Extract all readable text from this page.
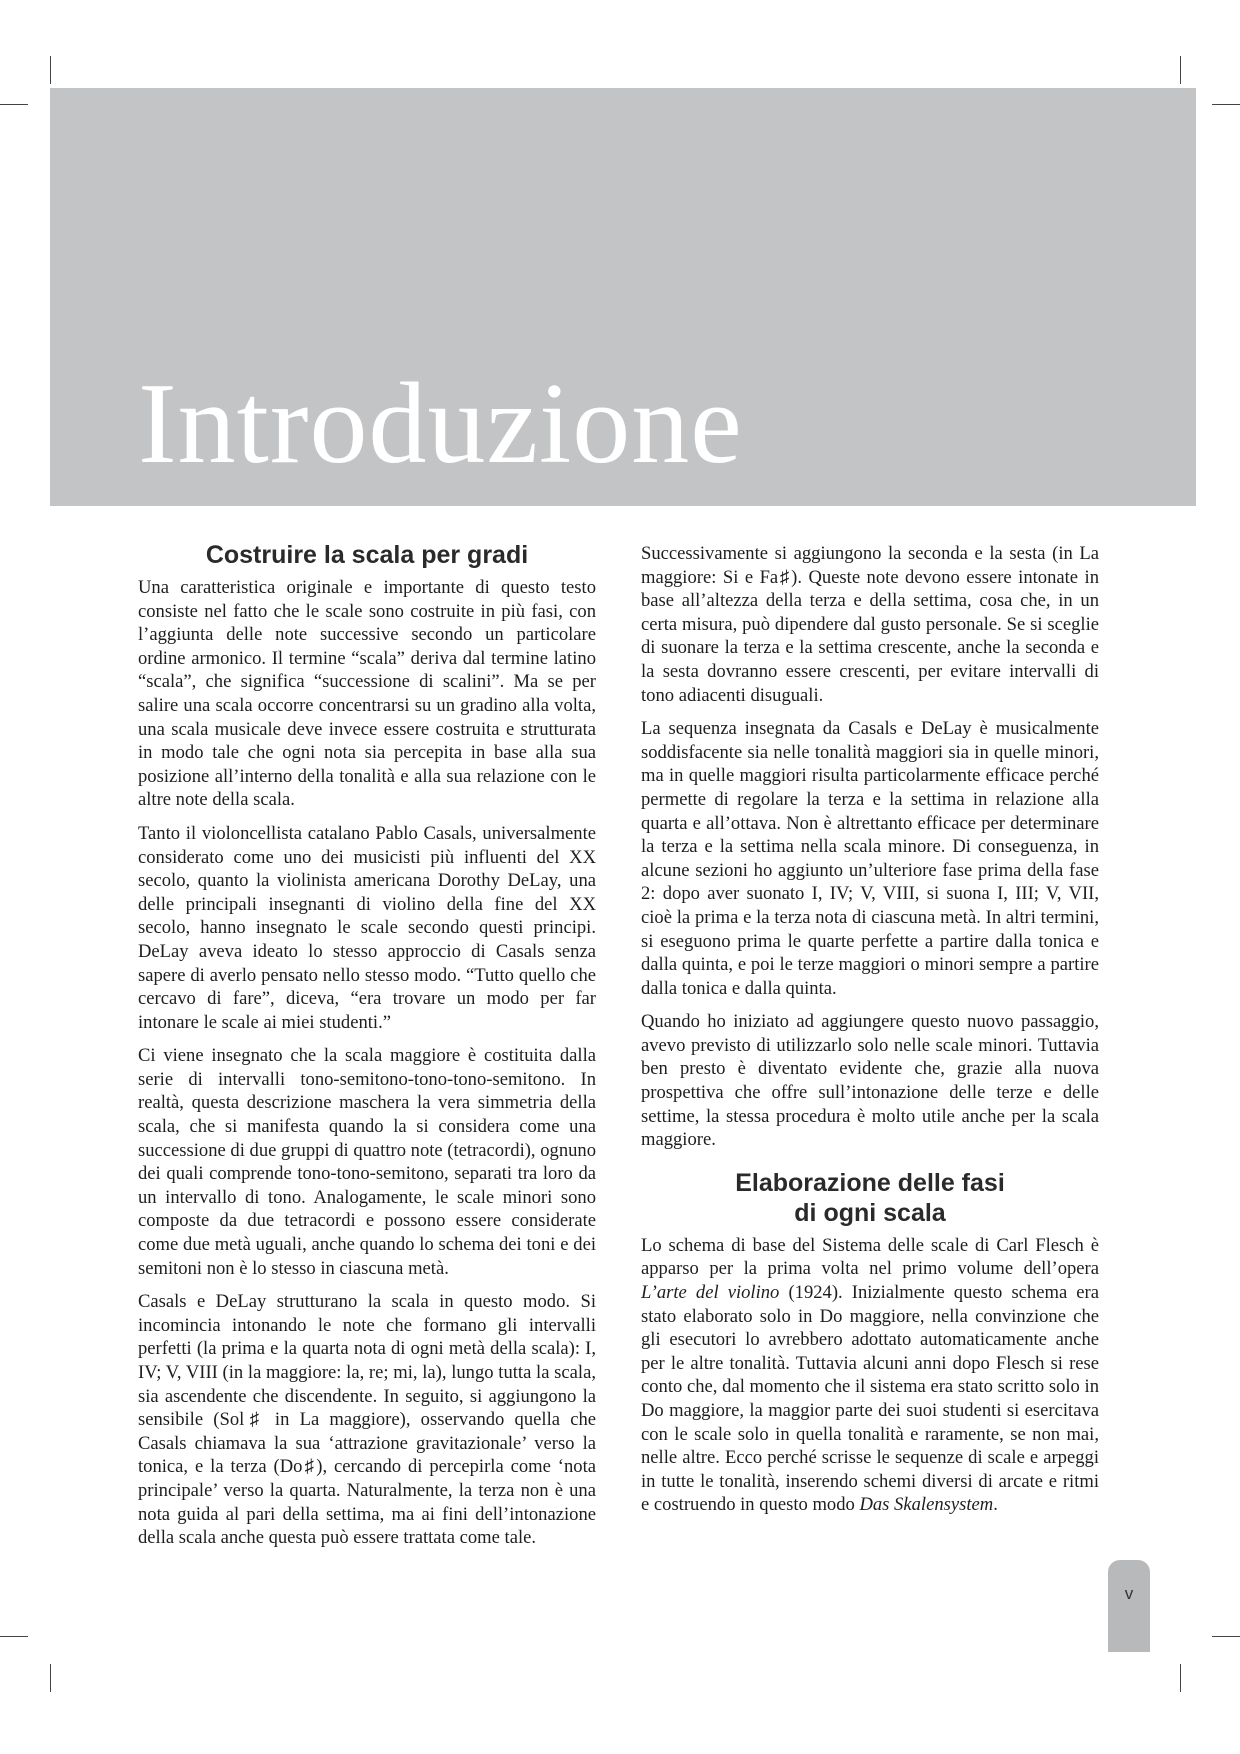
Introduzione
Costruire la scala per gradi

Una caratteristica originale e importante di questo testo consiste nel fatto che le scale sono costruite in più fasi, con l’aggiunta delle note successive secondo un particolare ordine armonico. Il termine “scala” deriva dal termine latino “scala”, che significa “successione di scalini”. Ma se per salire una scala occorre concentrarsi su un gradino alla volta, una scala musicale deve invece essere costruita e strutturata in modo tale che ogni nota sia percepita in base alla sua posizione all’interno della tonalità e alla sua relazione con le altre note della scala.

Tanto il violoncellista catalano Pablo Casals, universalmente considerato come uno dei musicisti più influenti del XX secolo, quanto la violinista americana Dorothy DeLay, una delle principali insegnanti di violino della fine del XX secolo, hanno insegnato le scale secondo questi principi. DeLay aveva ideato lo stesso approccio di Casals senza sapere di averlo pensato nello stesso modo. “Tutto quello che cercavo di fare”, diceva, “era trovare un modo per far intonare le scale ai miei studenti.”

Ci viene insegnato che la scala maggiore è costituita dalla serie di intervalli tono-semitono-tono-tono-semitono. In realtà, questa descrizione maschera la vera simmetria della scala, che si manifesta quando la si considera come una successione di due gruppi di quattro note (tetracordi), ognuno dei quali comprende tono-tono-semitono, separati tra loro da un intervallo di tono. Analogamente, le scale minori sono composte da due tetracordi e possono essere considerate come due metà uguali, anche quando lo schema dei toni e dei semitoni non è lo stesso in ciascuna metà.

Casals e DeLay strutturano la scala in questo modo. Si incomincia intonando le note che formano gli intervalli perfetti (la prima e la quarta nota di ogni metà della scala): I, IV; V, VIII (in la maggiore: la, re; mi, la), lungo tutta la scala, sia ascendente che discendente. In seguito, si aggiungono la sensibile (Sol♯ in La maggiore), osservando quella che Casals chiamava la sua ‘attrazione gravitazionale’ verso la tonica, e la terza (Do♯), cercando di percepirla come ‘nota principale’ verso la quarta. Naturalmente, la terza non è una nota guida al pari della settima, ma ai fini dell’intonazione della scala anche questa può essere trattata come tale.

Successivamente si aggiungono la seconda e la sesta (in La maggiore: Si e Fa♯). Queste note devono essere intonate in base all’altezza della terza e della settima, cosa che, in un certa misura, può dipendere dal gusto personale. Se si sceglie di suonare la terza e la settima crescente, anche la seconda e la sesta dovranno essere crescenti, per evitare intervalli di tono adiacenti disuguali.

La sequenza insegnata da Casals e DeLay è musicalmente soddisfacente sia nelle tonalità maggiori sia in quelle minori, ma in quelle maggiori risulta particolarmente efficace perché permette di regolare la terza e la settima in relazione alla quarta e all’ottava. Non è altrettanto efficace per determinare la terza e la settima nella scala minore. Di conseguenza, in alcune sezioni ho aggiunto un’ulteriore fase prima della fase 2: dopo aver suonato I, IV; V, VIII, si suona I, III; V, VII, cioè la prima e la terza nota di ciascuna metà. In altri termini, si eseguono prima le quarte perfette a partire dalla tonica e dalla quinta, e poi le terze maggiori o minori sempre a partire dalla tonica e dalla quinta.

Quando ho iniziato ad aggiungere questo nuovo passaggio, avevo previsto di utilizzarlo solo nelle scale minori. Tuttavia ben presto è diventato evidente che, grazie alla nuova prospettiva che offre sull’intonazione delle terze e delle settime, la stessa procedura è molto utile anche per la scala maggiore.

Elaborazione delle fasi
di ogni scala

Lo schema di base del Sistema delle scale di Carl Flesch è apparso per la prima volta nel primo volume dell’opera L’arte del violino (1924). Inizialmente questo schema era stato elaborato solo in Do maggiore, nella convinzione che gli esecutori lo avrebbero adottato automaticamente anche per le altre tonalità. Tuttavia alcuni anni dopo Flesch si rese conto che, dal momento che il sistema era stato scritto solo in Do maggiore, la maggior parte dei suoi studenti si esercitava con le scale solo in quella tonalità e raramente, se non mai, nelle altre. Ecco perché scrisse le sequenze di scale e arpeggi in tutte le tonalità, inserendo schemi diversi di arcate e ritmi e costruendo in questo modo Das Skalensystem.

v
